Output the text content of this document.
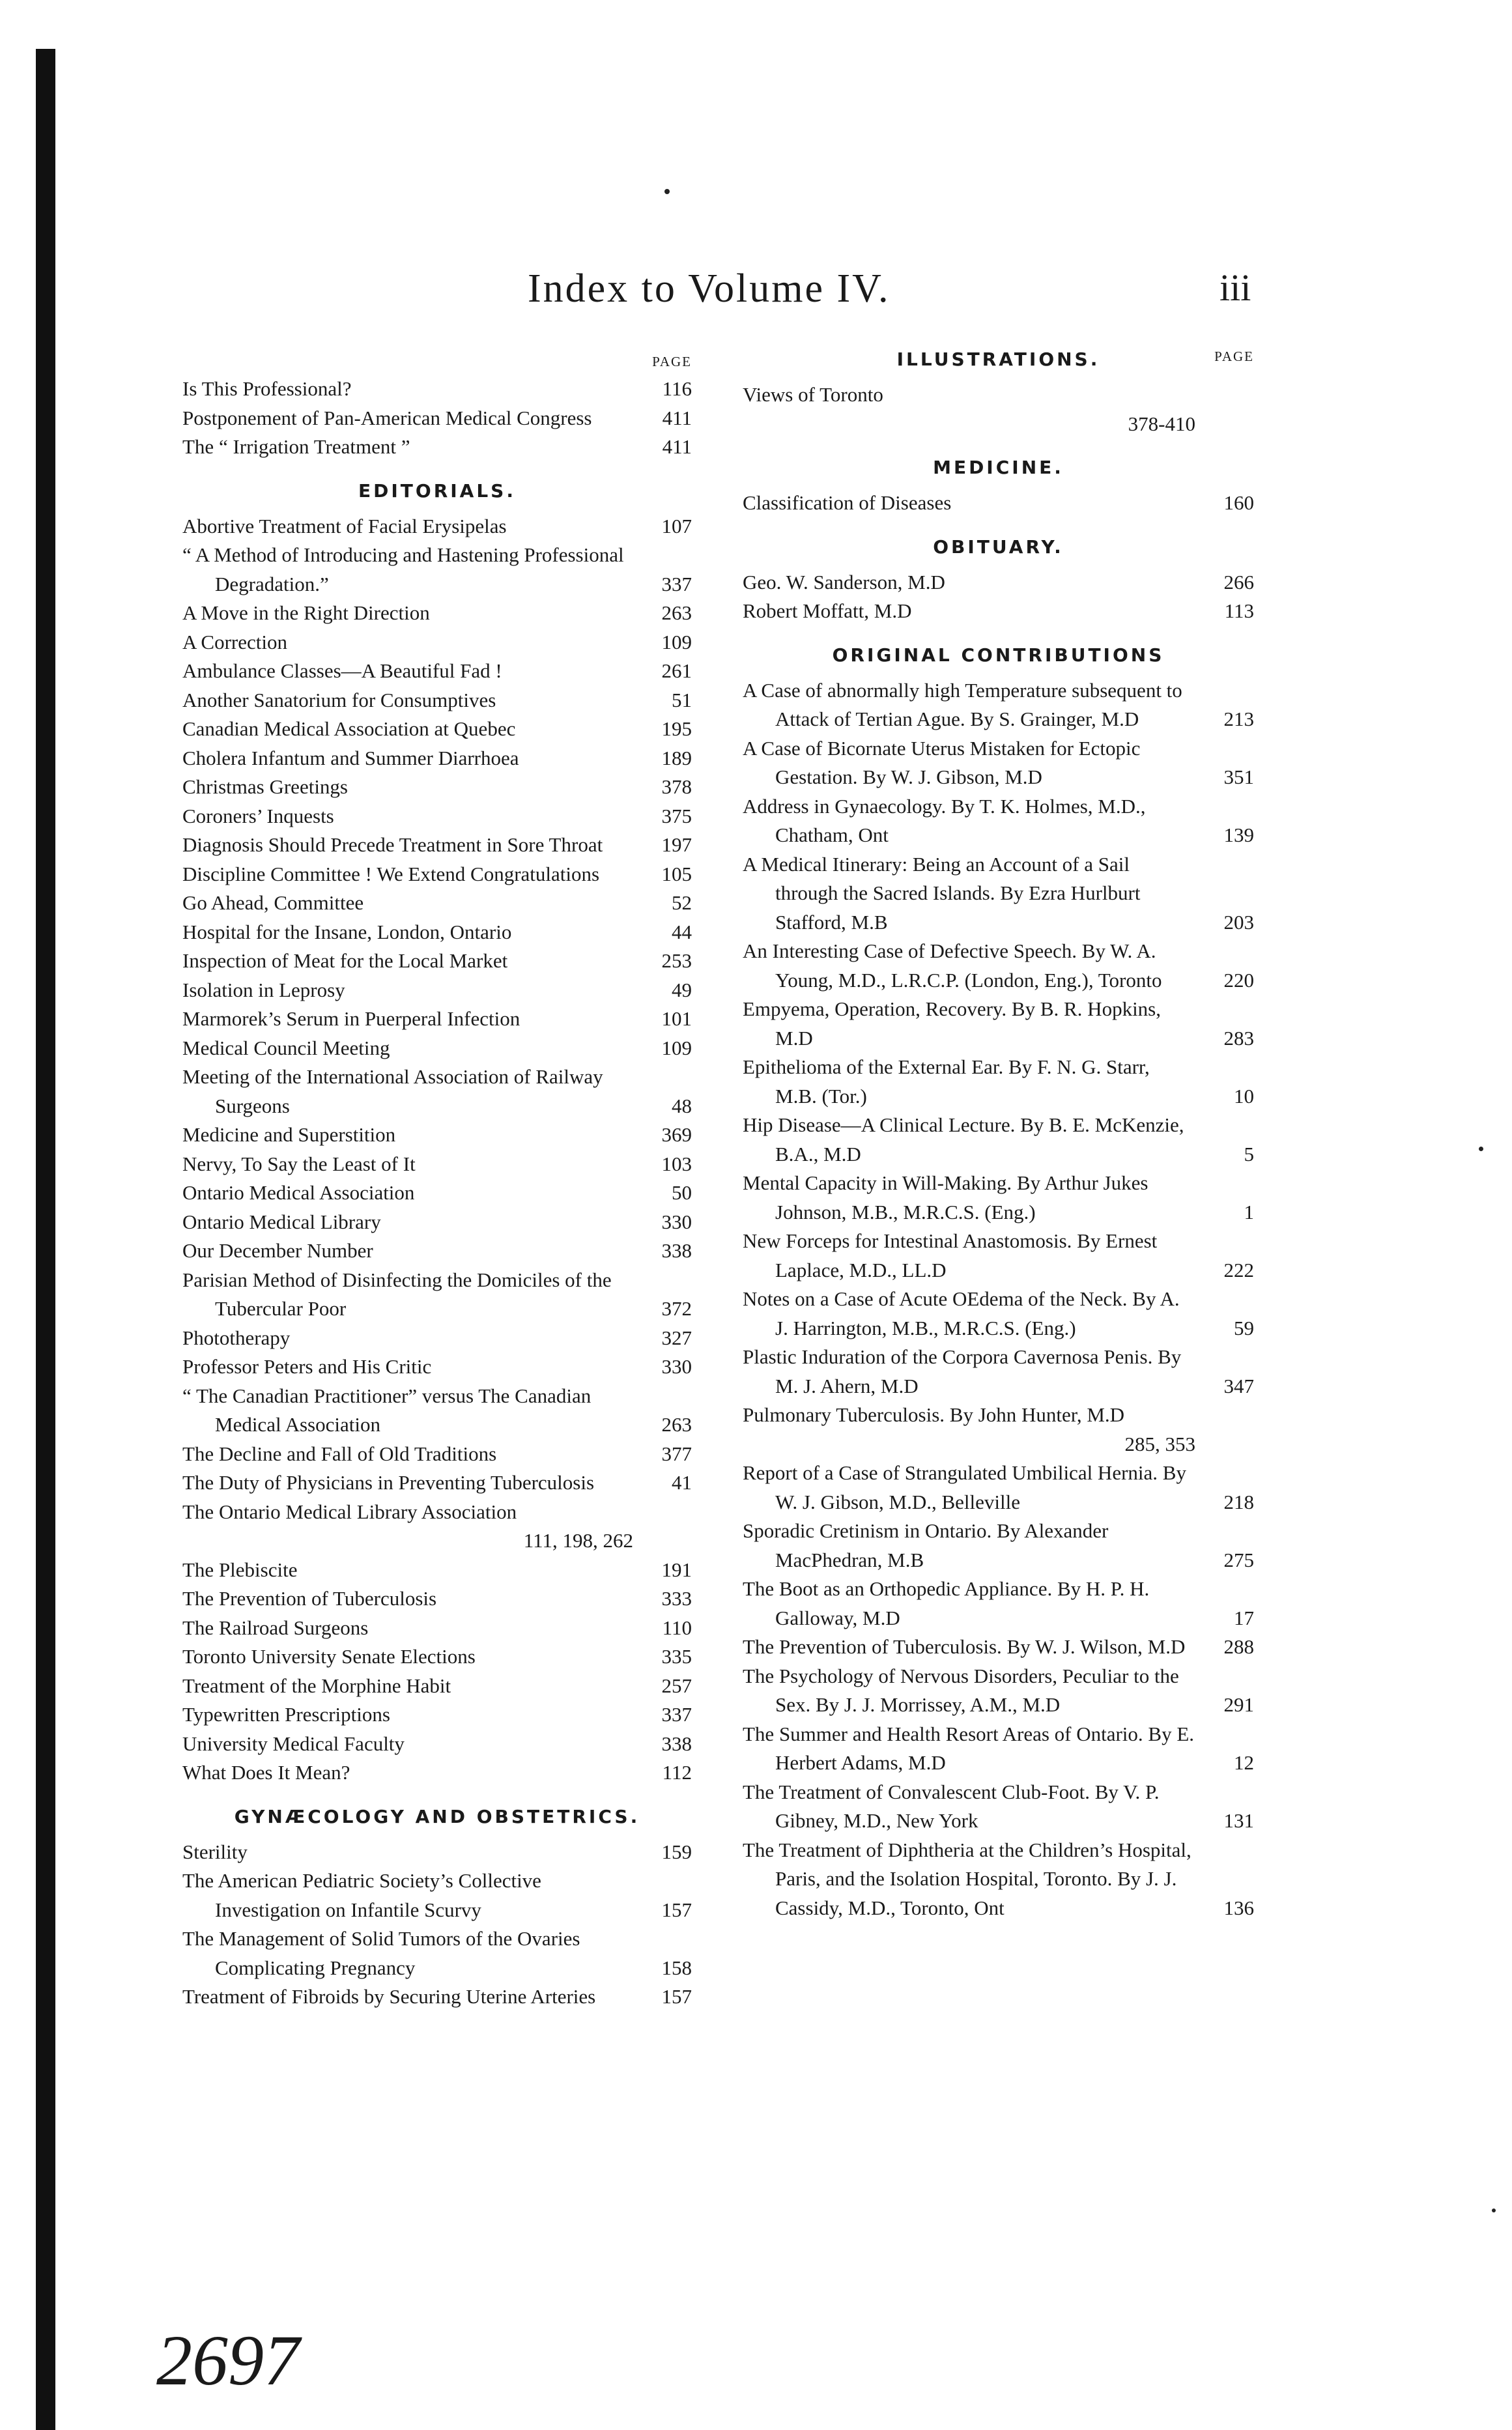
Index to Volume IV.	iii
PAGE
Is This Professional?	116
Postponement of Pan-American Medical Congress	411
The “ Irrigation Treatment ”	411
EDITORIALS.
Abortive Treatment of Facial Erysipelas	107
“ A Method of Introducing and Hastening Professional Degradation.”	337
A Move in the Right Direction	263
A Correction	109
Ambulance Classes—A Beautiful Fad !	261
Another Sanatorium for Consumptives	51
Canadian Medical Association at Quebec	195
Cholera Infantum and Summer Diarrhoea	189
Christmas Greetings	378
Coroners’ Inquests	375
Diagnosis Should Precede Treatment in Sore Throat	197
Discipline Committee ! We Extend Congratulations	105
Go Ahead, Committee	52
Hospital for the Insane, London, Ontario	44
Inspection of Meat for the Local Market	253
Isolation in Leprosy	49
Marmorek’s Serum in Puerperal Infection	101
Medical Council Meeting	109
Meeting of the International Association of Railway Surgeons	48
Medicine and Superstition	369
Nervy, To Say the Least of It	103
Ontario Medical Association	50
Ontario Medical Library	330
Our December Number	338
Parisian Method of Disinfecting the Domiciles of the Tubercular Poor	372
Phototherapy	327
Professor Peters and His Critic	330
“ The Canadian Practitioner” versus The Canadian Medical Association	263
The Decline and Fall of Old Traditions	377
The Duty of Physicians in Preventing Tuberculosis	41
The Ontario Medical Library Association
111, 198, 262
The Plebiscite	191
The Prevention of Tuberculosis	333
The Railroad Surgeons	110
Toronto University Senate Elections	335
Treatment of the Morphine Habit	257
Typewritten Prescriptions	337
University Medical Faculty	338
What Does It Mean?	112
GYNÆCOLOGY AND OBSTETRICS.
Sterility	159
The American Pediatric Society’s Collective Investigation on Infantile Scurvy	157
The Management of Solid Tumors of the Ovaries Complicating Pregnancy	158
Treatment of Fibroids by Securing Uterine Arteries	157
ILLUSTRATIONS.	PAGE
Views of Toronto
378-410
MEDICINE.
Classification of Diseases	160
OBITUARY.
Geo. W. Sanderson, M.D	266
Robert Moffatt, M.D	113
ORIGINAL CONTRIBUTIONS
A Case of abnormally high Temperature subsequent to Attack of Tertian Ague. By S. Grainger, M.D	213
A Case of Bicornate Uterus Mistaken for Ectopic Gestation. By W. J. Gibson, M.D	351
Address in Gynaecology. By T. K. Holmes, M.D., Chatham, Ont	139
A Medical Itinerary: Being an Account of a Sail through the Sacred Islands. By Ezra Hurlburt Stafford, M.B	203
An Interesting Case of Defective Speech. By W. A. Young, M.D., L.R.C.P. (London, Eng.), Toronto	220
Empyema, Operation, Recovery. By B. R. Hopkins, M.D	283
Epithelioma of the External Ear. By F. N. G. Starr, M.B. (Tor.)	10
Hip Disease—A Clinical Lecture. By B. E. McKenzie, B.A., M.D	5
Mental Capacity in Will-Making. By Arthur Jukes Johnson, M.B., M.R.C.S. (Eng.)	1
New Forceps for Intestinal Anastomosis. By Ernest Laplace, M.D., LL.D	222
Notes on a Case of Acute OEdema of the Neck. By A. J. Harrington, M.B., M.R.C.S. (Eng.)	59
Plastic Induration of the Corpora Cavernosa Penis. By M. J. Ahern, M.D	347
Pulmonary Tuberculosis. By John Hunter, M.D
285, 353
Report of a Case of Strangulated Umbilical Hernia. By W. J. Gibson, M.D., Belleville	218
Sporadic Cretinism in Ontario. By Alexander MacPhedran, M.B	275
The Boot as an Orthopedic Appliance. By H. P. H. Galloway, M.D	17
The Prevention of Tuberculosis. By W. J. Wilson, M.D 288
The Psychology of Nervous Disorders, Peculiar to the Sex. By J. J. Morrissey, A.M., M.D	291
The Summer and Health Resort Areas of Ontario. By E. Herbert Adams, M.D	12
The Treatment of Convalescent Club-Foot. By V. P. Gibney, M.D., New York	131
The Treatment of Diphtheria at the Children’s Hospital, Paris, and the Isolation Hospital, Toronto. By J. J. Cassidy, M.D., Toronto, Ont	136
2697
